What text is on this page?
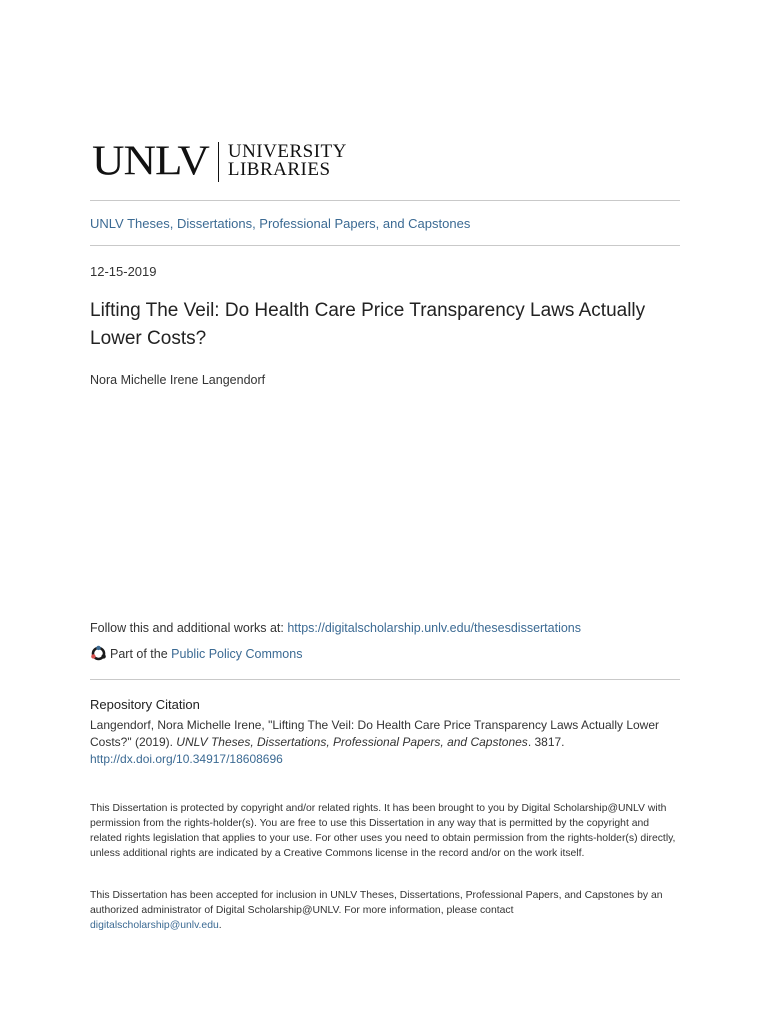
UNLV UNIVERSITY
LIBRARIES
UNLV Theses, Dissertations, Professional Papers, and Capstones
12-15-2019
Lifting The Veil: Do Health Care Price Transparency Laws Actually Lower Costs?
Nora Michelle Irene Langendorf
Follow this and additional works at: https://digitalscholarship.unlv.edu/thesesdissertations
Part of the
Public Policy Commons
Repository Citation
Langendorf, Nora Michelle Irene, "Lifting The Veil: Do Health Care Price Transparency Laws Actually Lower Costs?" (2019). UNLV Theses, Dissertations, Professional Papers, and Capstones. 3817.
http://dx.doi.org/10.34917/18608696
This Dissertation is protected by copyright and/or related rights. It has been brought to you by Digital Scholarship@UNLV with permission from the rights-holder(s). You are free to use this Dissertation in any way that is permitted by the copyright and related rights legislation that applies to your use. For other uses you need to obtain permission from the rights-holder(s) directly, unless additional rights are indicated by a Creative Commons license in the record and/or on the work itself.
This Dissertation has been accepted for inclusion in UNLV Theses, Dissertations, Professional Papers, and Capstones by an authorized administrator of Digital Scholarship@UNLV. For more information, please contact
digitalscholarship@unlv.edu.
